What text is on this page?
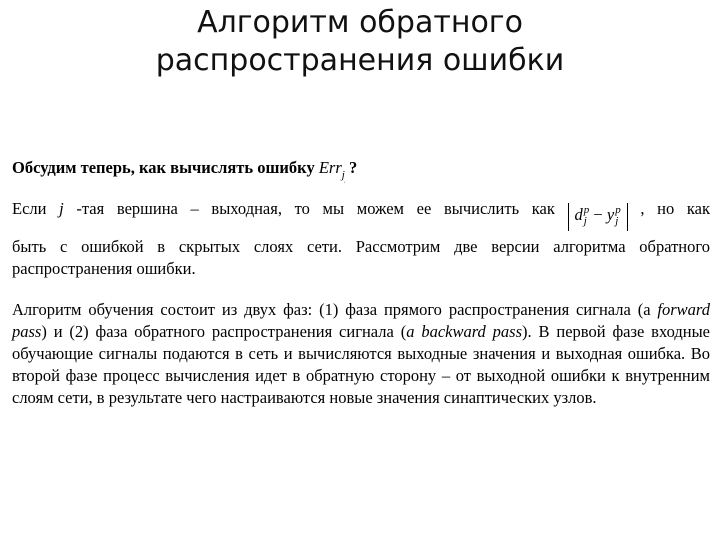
Алгоритм обратного
распространения ошибки
Обсудим теперь, как вычислять ошибку Err$_j$ ?
Если j -тая вершина – выходная, то мы можем ее вычислить как d p
j − y p
j
, но как
быть с ошибкой в скрытых слоях сети. Рассмотрим две версии алгоритма обратного распространения ошибки.
Алгоритм обучения состоит из двух фаз: (1) фаза прямого распространения сигнала (а forward pass) и (2) фаза обратного распространения сигнала (a backward pass). В первой фазе входные обучающие сигналы подаются в сеть и вычисляются выходные значения и выходная ошибка. Во второй фазе процесс вычисления идет в обратную сторону – от выходной ошибки к внутренним слоям сети, в результате чего настраиваются новые значения синаптических узлов.
